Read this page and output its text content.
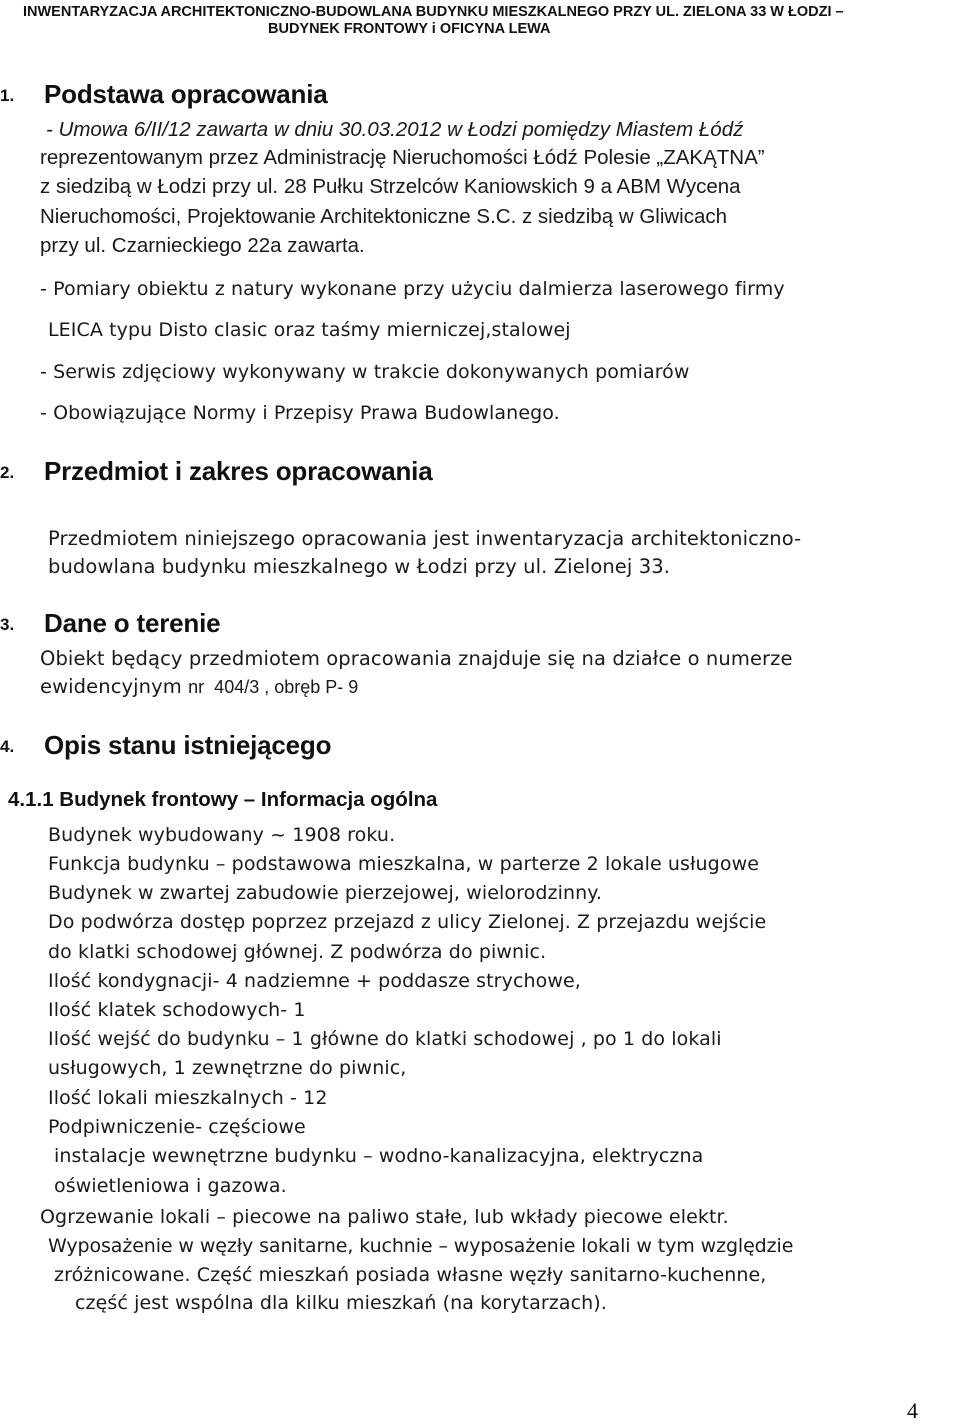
INWENTARYZACJA ARCHITEKTONICZNO-BUDOWLANA BUDYNKU MIESZKALNEGO PRZY UL. ZIELONA 33 W ŁODZI –
BUDYNEK FRONTOWY i OFICYNA LEWA
1. Podstawa opracowania
- Umowa 6/II/12 zawarta w dniu 30.03.2012 w Łodzi pomiędzy Miastem Łódź
reprezentowanym przez Administrację Nieruchomości Łódź Polesie „ZAKĄTNA”
z siedzibą w Łodzi przy ul. 28 Pułku Strzelców Kaniowskich 9 a ABM Wycena
Nieruchomości, Projektowanie Architektoniczne S.C. z siedzibą w Gliwicach
przy ul. Czarnieckiego 22a zawarta.
- Pomiary obiektu z natury wykonane przy użyciu dalmierza laserowego firmy
LEICA typu Disto clasic oraz taśmy mierniczej,stalowej
- Serwis zdjęciowy wykonywany w trakcie dokonywanych pomiarów
- Obowiązujące Normy i Przepisy Prawa Budowlanego.
2. Przedmiot i zakres opracowania
Przedmiotem niniejszego opracowania jest inwentaryzacja architektoniczno-
budowlana budynku mieszkalnego w Łodzi przy ul. Zielonej 33.
3. Dane o terenie
Obiekt będący przedmiotem opracowania znajduje się na działce o numerze
ewidencyjnym nr  404/3 , obręb P- 9
4. Opis stanu istniejącego
4.1.1 Budynek frontowy – Informacja ogólna
Budynek wybudowany ~ 1908 roku.
Funkcja budynku – podstawowa mieszkalna, w parterze 2 lokale usługowe
Budynek w zwartej zabudowie pierzejowej, wielorodzinny.
Do podwórza dostęp poprzez przejazd z ulicy Zielonej. Z przejazdu wejście
do klatki schodowej głównej. Z podwórza do piwnic.
Ilość kondygnacji- 4 nadziemne + poddasze strychowe,
Ilość klatek schodowych- 1
Ilość wejść do budynku – 1 główne do klatki schodowej , po 1 do lokali
usługowych, 1 zewnętrzne do piwnic,
Ilość lokali mieszkalnych - 12
Podpiwniczenie- częściowe
instalacje wewnętrzne budynku – wodno-kanalizacyjna, elektryczna
oświetleniowa i gazowa.
Ogrzewanie lokali – piecowe na paliwo stałe, lub wkłady piecowe elektr.
Wyposażenie w węzły sanitarne, kuchnie – wyposażenie lokali w tym względzie
zróżnicowane. Część mieszkań posiada własne węzły sanitarno-kuchenne,
część jest wspólna dla kilku mieszkań (na korytarzach).
4
